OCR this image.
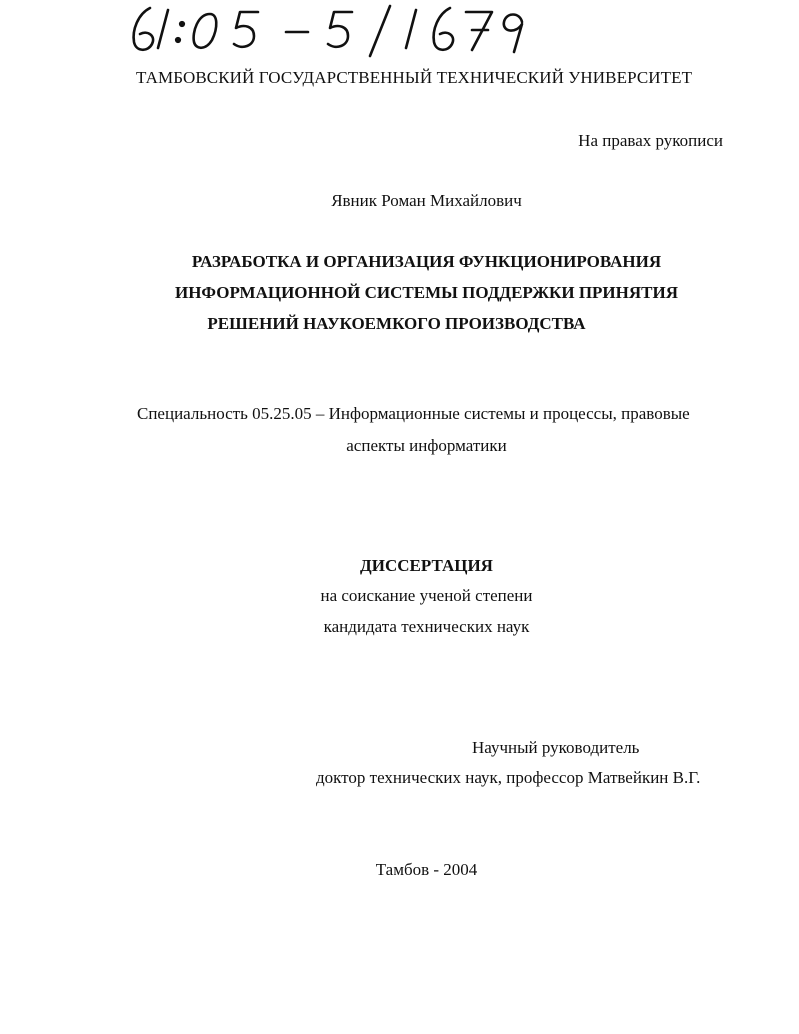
ТАМБОВСКИЙ ГОСУДАРСТВЕННЫЙ ТЕХНИЧЕСКИЙ УНИВЕРСИТЕТ
На правах рукописи
Явник Роман Михайлович
РАЗРАБОТКА И ОРГАНИЗАЦИЯ ФУНКЦИОНИРОВАНИЯ
ИНФОРМАЦИОННОЙ СИСТЕМЫ ПОДДЕРЖКИ ПРИНЯТИЯ
РЕШЕНИЙ НАУКОЕМКОГО ПРОИЗВОДСТВА
Специальность 05.25.05 – Информационные системы и процессы, правовые
аспекты информатики
ДИССЕРТАЦИЯ
на соискание ученой степени
кандидата технических наук
Научный руководитель
доктор технических наук, профессор Матвейкин В.Г.
Тамбов - 2004
